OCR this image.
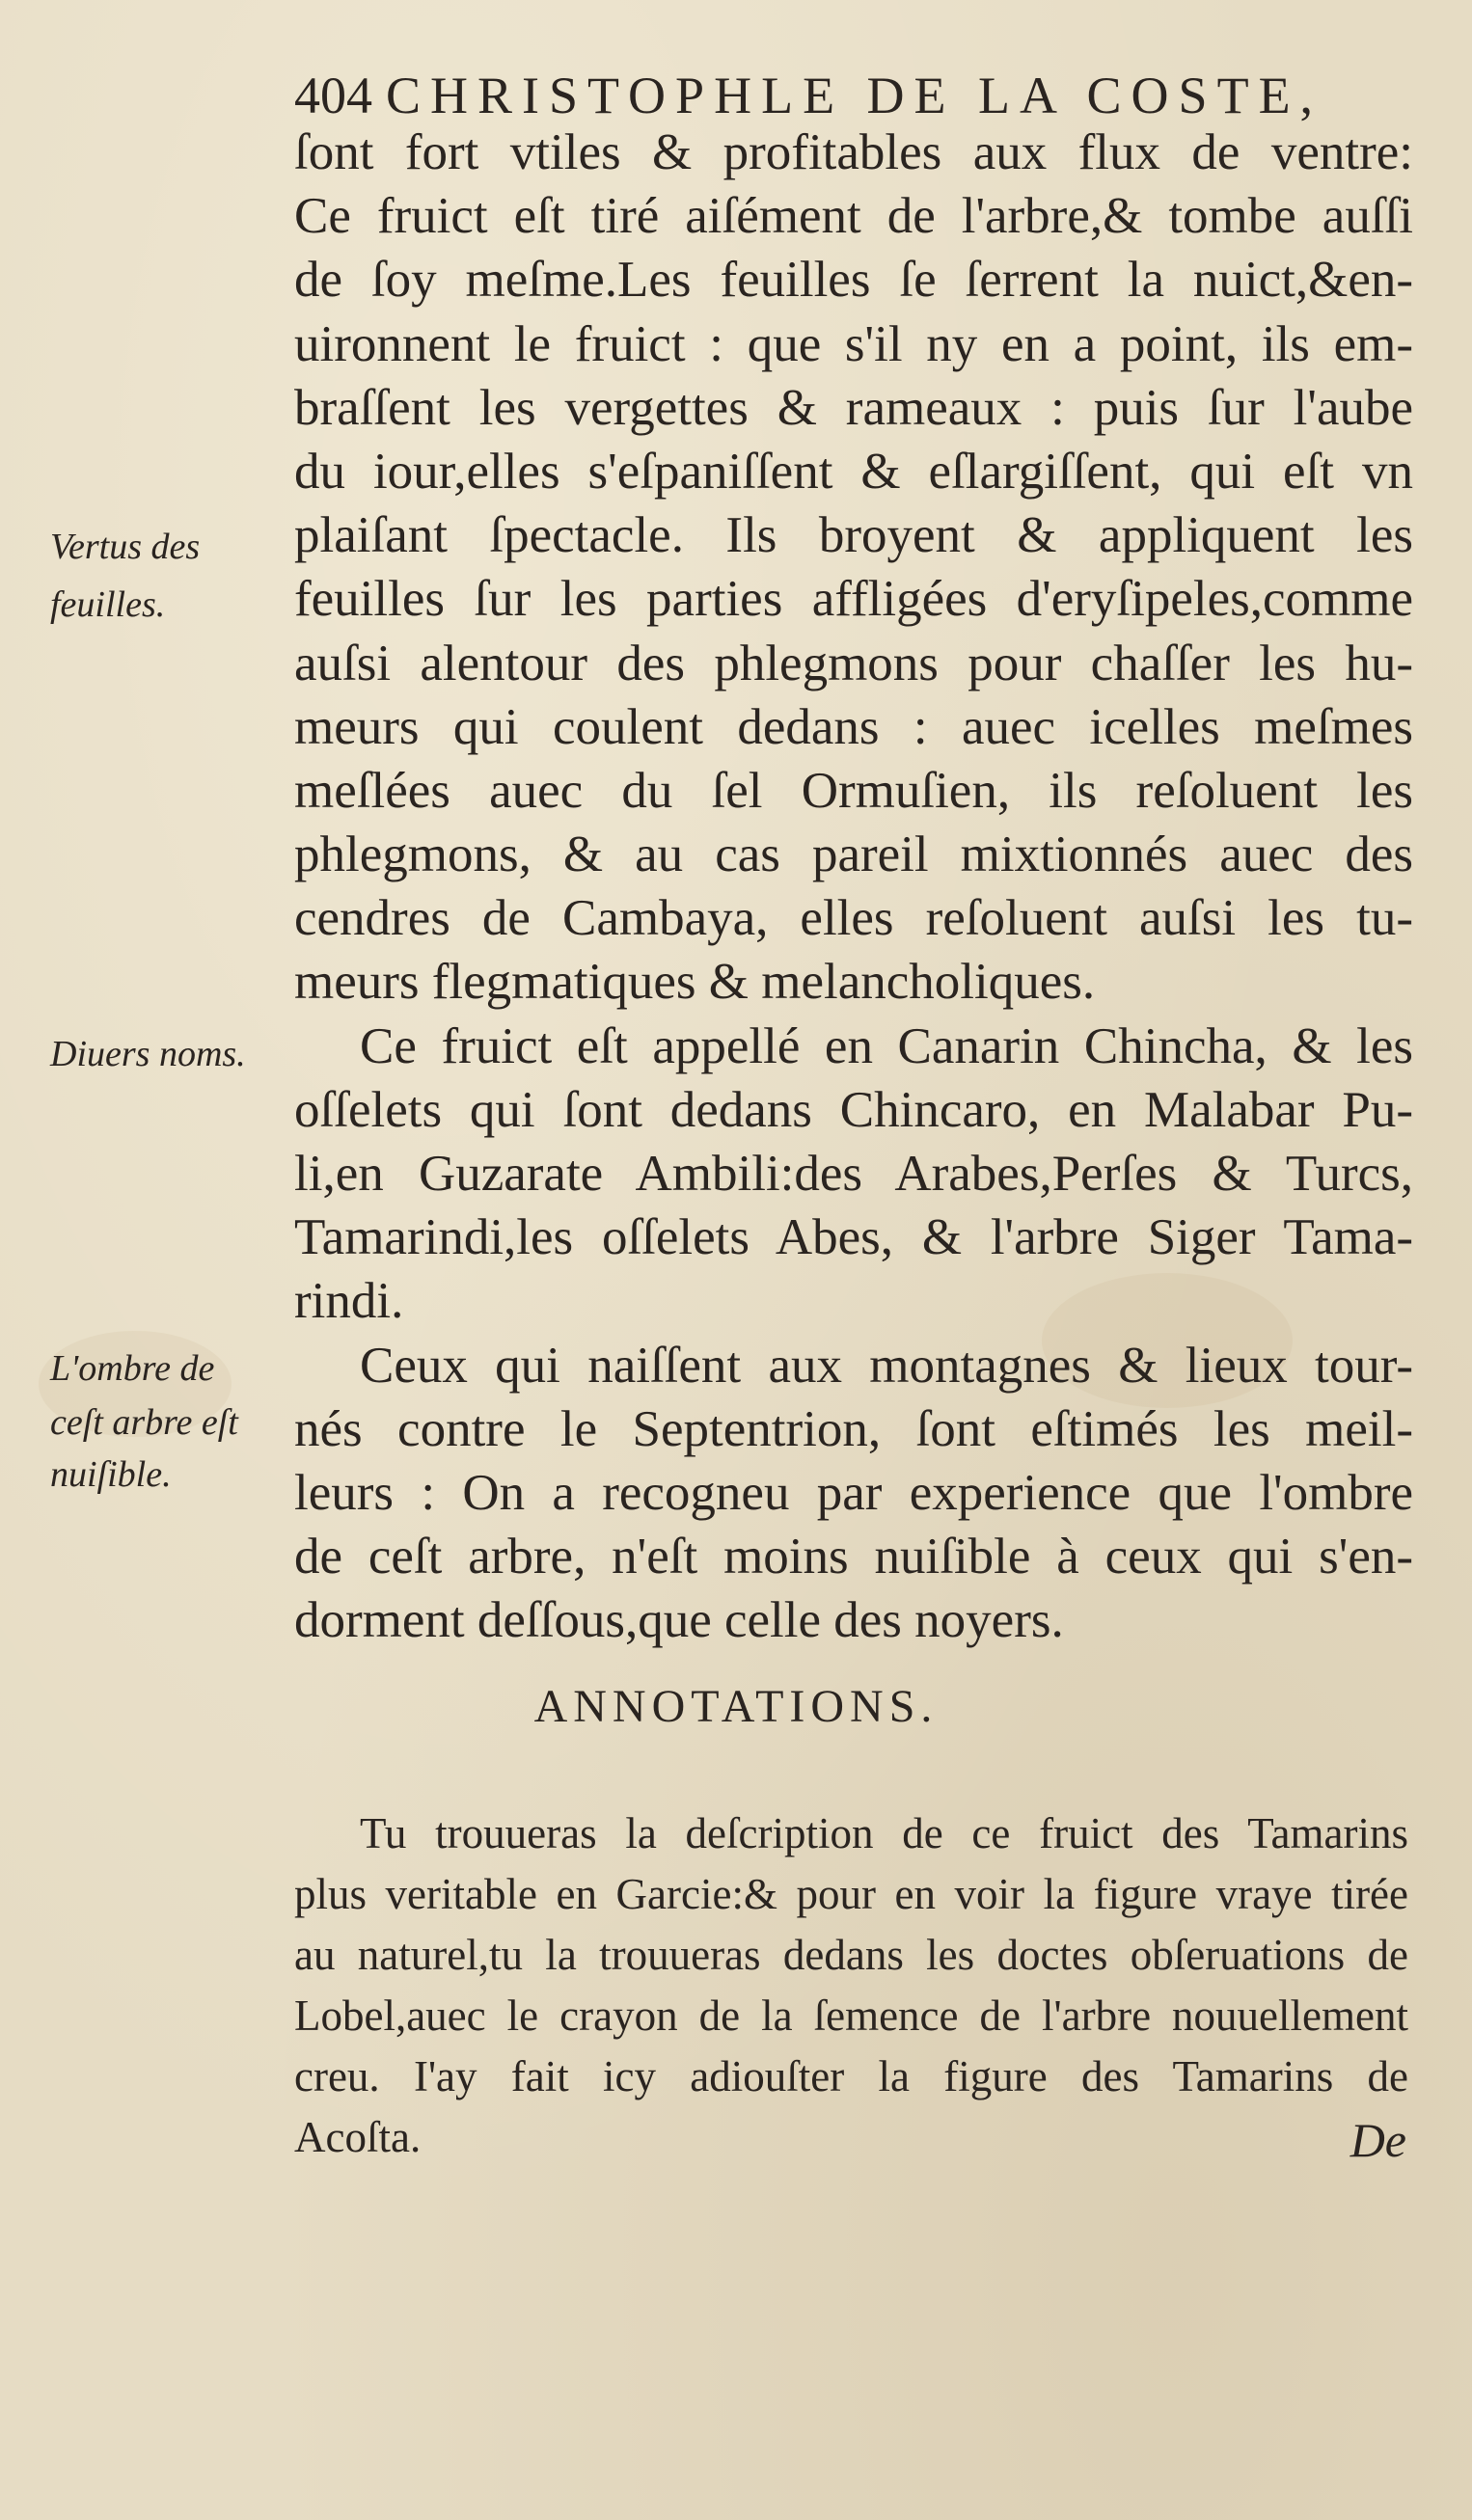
404 CHRISTOPHLE DE LA COSTE,
Vertus des
feuilles.
Diuers noms.
L'ombre de
ceſt arbre eſt
nuiſible.
ſont fort vtiles & profitables aux flux de ventre:
Ce fruict eſt tiré aiſément de l'arbre,& tombe auſſi
de ſoy meſme.Les feuilles ſe ſerrent la nuict,&en-
uironnent le fruict : que s'il ny en a point, ils em-
braſſent les vergettes & rameaux : puis ſur l'aube
du iour,elles s'eſpaniſſent & eſlargiſſent, qui eſt vn
plaiſant ſpectacle. Ils broyent & appliquent les
feuilles ſur les parties affligées d'eryſipeles,comme
auſsi alentour des phlegmons pour chaſſer les hu-
meurs qui coulent dedans : auec icelles meſmes
meſlées auec du ſel Ormuſien, ils reſoluent les
phlegmons, & au cas pareil mixtionnés auec des
cendres de Cambaya, elles reſoluent auſsi les tu-
meurs flegmatiques & melancholiques.
Ce fruict eſt appellé en Canarin Chincha, & les
oſſelets qui ſont dedans Chincaro, en Malabar Pu-
li,en Guzarate Ambili:des Arabes,Perſes & Turcs,
Tamarindi,les oſſelets Abes, & l'arbre Siger Tama-
rindi.
Ceux qui naiſſent aux montagnes & lieux tour-
nés contre le Septentrion, ſont eſtimés les meil-
leurs : On a recogneu par experience que l'ombre
de ceſt arbre, n'eſt moins nuiſible à ceux qui s'en-
dorment deſſous,que celle des noyers.
ANNOTATIONS.
Tu trouueras la deſcription de ce fruict des Tamarins
plus veritable en Garcie:& pour en voir la figure vraye tirée
au naturel,tu la trouueras dedans les doctes obſeruations de
Lobel,auec le crayon de la ſemence de l'arbre nouuellement
creu. I'ay fait icy adiouſter la figure des Tamarins de
Acoſta.	De
